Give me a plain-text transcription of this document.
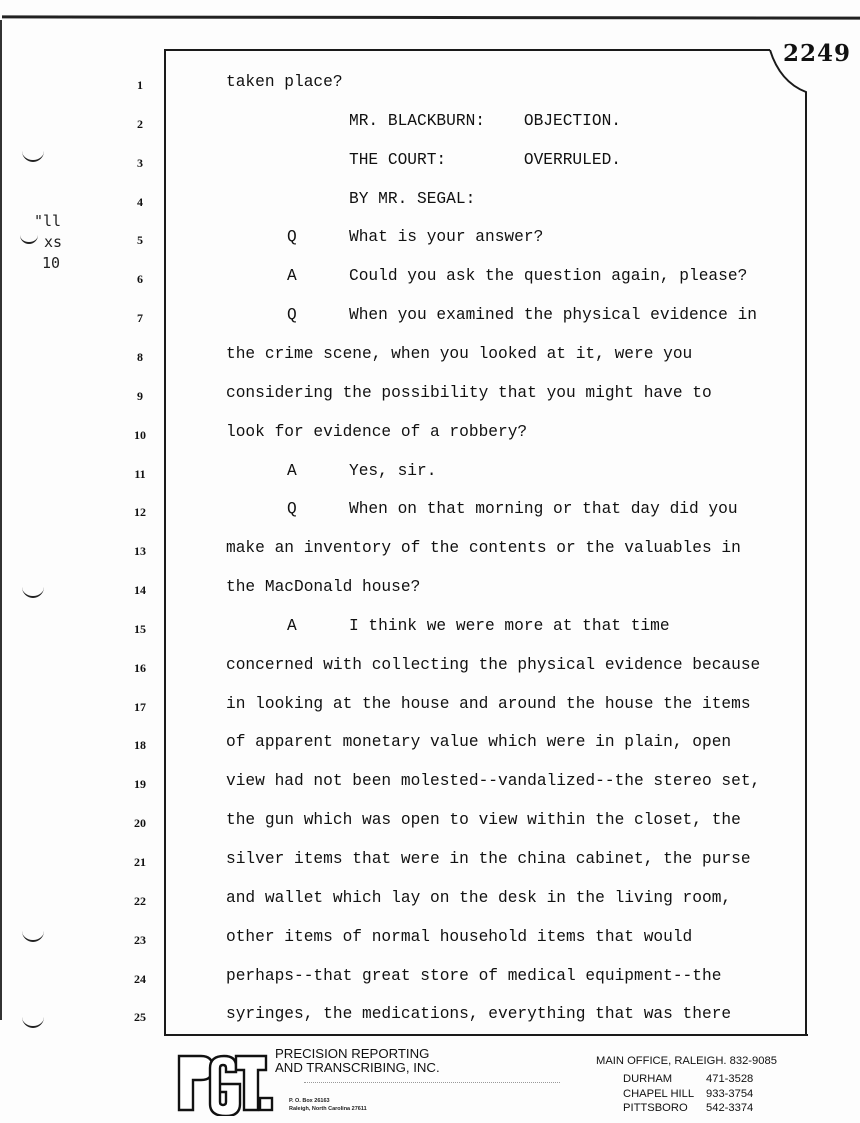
2249
"ll
xs
10
1	taken place?
2	MR. BLACKBURN:    OBJECTION.
3	THE COURT:        OVERRULED.
4	BY MR. SEGAL:
5	Q	What is your answer?
6	A	Could you ask the question again, please?
7	Q	When you examined the physical evidence in
8	the crime scene, when you looked at it, were you
9	considering the possibility that you might have to
10	look for evidence of a robbery?
11	A	Yes, sir.
12	Q	When on that morning or that day did you
13	make an inventory of the contents or the valuables in
14	the MacDonald house?
15	A	I think we were more at that time
16	concerned with collecting the physical evidence because
17	in looking at the house and around the house the items
18	of apparent monetary value which were in plain, open
19	view had not been molested--vandalized--the stereo set,
20	the gun which was open to view within the closet, the
21	silver items that were in the china cabinet, the purse
22	and wallet which lay on the desk in the living room,
23	other items of normal household items that would
24	perhaps--that great store of medical equipment--the
25	syringes, the medications, everything that was there
P&T.	PRECISION REPORTING
AND TRANSCRIBING, INC.
P. O. Box 26163
Raleigh, North Carolina 27611
MAIN OFFICE, RALEIGH. 832-9085
DURHAM	471-3528
CHAPEL HILL 933-3754
PITTSBORO 542-3374
